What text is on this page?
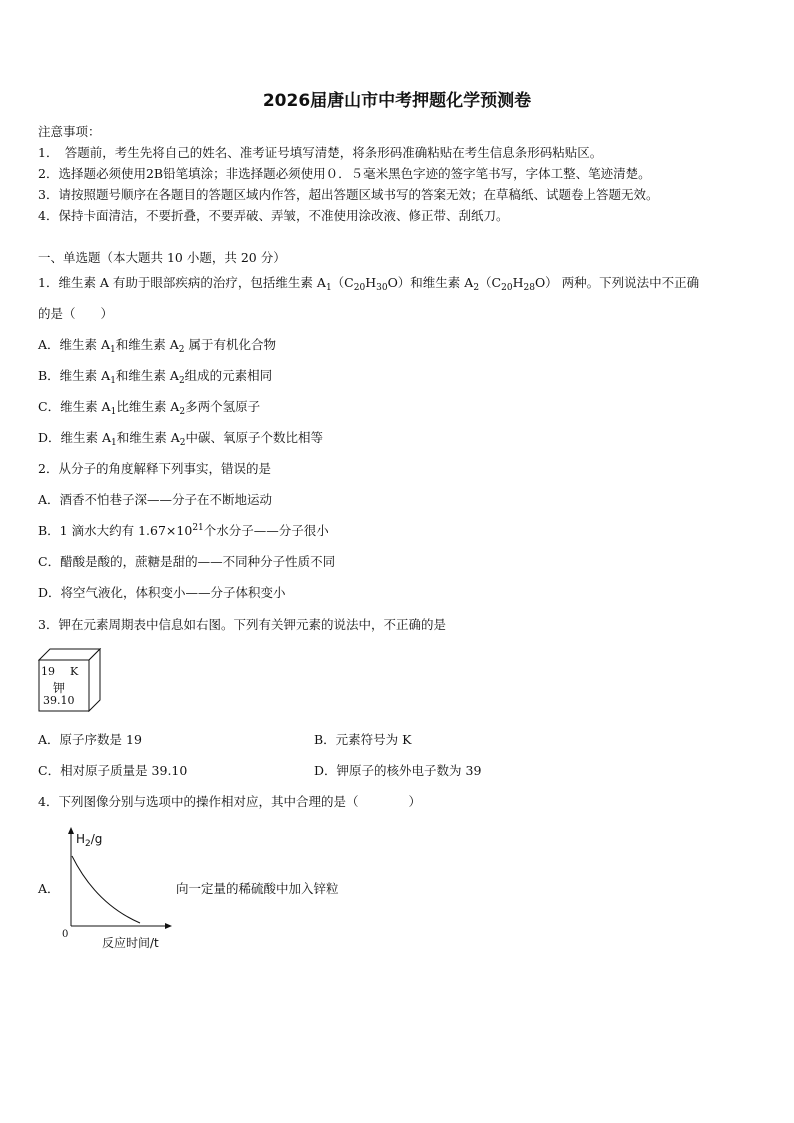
2026届唐山市中考押题化学预测卷
注意事项：
1．　答题前，考生先将自己的姓名、准考证号填写清楚，将条形码准确粘贴在考生信息条形码粘贴区。
2．选择题必须使用2B铅笔填涂；非选择题必须使用０．５毫米黑色字迹的签字笔书写，字体工整、笔迹清楚。
3．请按照题号顺序在各题目的答题区域内作答，超出答题区域书写的答案无效；在草稿纸、试题卷上答题无效。
4．保持卡面清洁，不要折叠，不要弄破、弄皱，不准使用涂改液、修正带、刮纸刀。
一、单选题（本大题共 10 小题，共 20 分）
1．维生素 A 有助于眼部疾病的治疗，包括维生素 $A_1(C_{20}H_{30}O)$和维生素 $A_2(C_{20}H_{28}O)$ 两种。下列说法中不正确
的是（　　）
A．维生素 $A_1$和维生素 $A_2$ 属于有机化合物
B．维生素 $A_1$和维生素 $A_2$组成的元素相同
C．维生素 $A_1$比维生素 $A_2$多两个氢原子
D．维生素 $A_1$和维生素 $A_2$中碳、氧原子个数比相等
2．从分子的角度解释下列事实，错误的是
A．酒香不怕巷子深——分子在不断地运动
B．1 滴水大约有 $1.67\times 10^{21}$个水分子——分子很小
C．醋酸是酸的，蔗糖是甜的——不同种分子性质不同
D．将空气液化，体积变小——分子体积变小
3．钾在元素周期表中信息如右图。下列有关钾元素的说法中，不正确的是
19 K
钾
39.10
A．原子序数是 19	B．元素符号为 K
C．相对原子质量是 39.10	D．钾原子的核外电子数为 39
4．下列图像分别与选项中的操作相对应，其中合理的是（　　　　）
A．
$H_2/g$
0
反应时间/t
向一定量的稀硫酸中加入锌粒
